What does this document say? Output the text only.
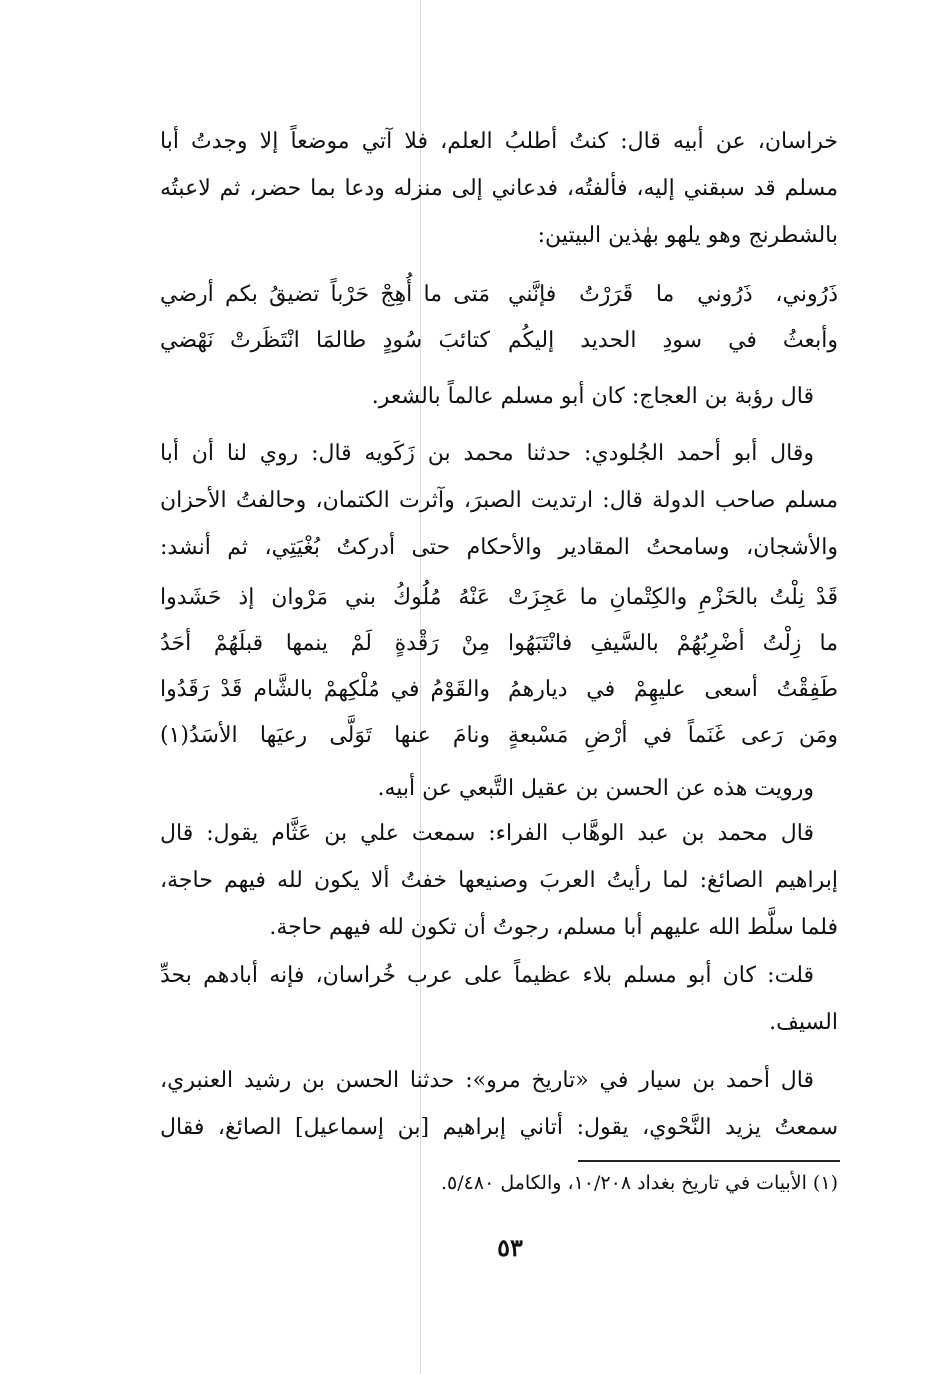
خراسان، عن أبيه قال: كنتُ أطلبُ العلم، فلا آتي موضعاً إلا وجدتُ أبا
مسلم قد سبقني إليه، فألفتُه، فدعاني إلى منزله ودعا بما حضر، ثم لاعبتُه
بالشطرنج وهو يلهو بهٰذين البيتين:
ذَرُوني، ذَرُوني ما قَرَرْتُ فإنَّني
مَتى ما أُهِجْ حَرْباً تضيقُ بكم أرضي
وأبعثُ في سودِ الحديد إليكُم
كتائبَ سُودٍ طالمَا انْتَظَرتْ نَهْضي
قال رؤبة بن العجاج: كان أبو مسلم عالماً بالشعر.
وقال أبو أحمد الجُلودي: حدثنا محمد بن زَكَويه قال: روي لنا أن أبا
مسلم صاحب الدولة قال: ارتديت الصبرَ، وآثرت الكتمان، وحالفتُ الأحزان
والأشجان، وسامحتُ المقادير والأحكام حتى أدركتُ بُغْيَتِي، ثم أنشد:
قَدْ نِلْتُ بالحَزْمِ والكِتْمانِ ما عَجِزَتْ
عَنْهُ مُلُوكُ بني مَرْوان إذ حَشَدوا
ما زِلْتُ أضْرِبُهُمْ بالسَّيفِ فانْتَبَهُوا
مِنْ رَقْدةٍ لَمْ ينمها قبلَهُمْ أحَدُ
طَفِقْتُ أسعى عليهِمْ في ديارهمُ
والقَوْمُ في مُلْكِهمْ بالشَّام قَدْ رَقَدُوا
ومَن رَعى غَنَماً في أرْضِ مَسْبعةٍ
ونامَ عنها تَوَلَّى رعيَها الأسَدُ(١)
ورويت هذه عن الحسن بن عقيل التَّبعي عن أبيه.
قال محمد بن عبد الوهَّاب الفراء: سمعت علي بن عَثَّام يقول: قال
إبراهيم الصائغ: لما رأيتُ العربَ وصنيعها خفتُ ألا يكون لله فيهم حاجة،
فلما سلَّط الله عليهم أبا مسلم، رجوتُ أن تكون لله فيهم حاجة.
قلت: كان أبو مسلم بلاء عظيماً على عرب خُراسان، فإنه أبادهم بحدِّ
السيف.
قال أحمد بن سيار في «تاريخ مرو»: حدثنا الحسن بن رشيد العنبري،
سمعتُ يزيد النَّحْوي، يقول: أتاني إبراهيم [بن إسماعيل] الصائغ، فقال
(١) الأبيات في تاريخ بغداد ١٠/٢٠٨، والكامل ٥/٤٨٠.
٥٣
